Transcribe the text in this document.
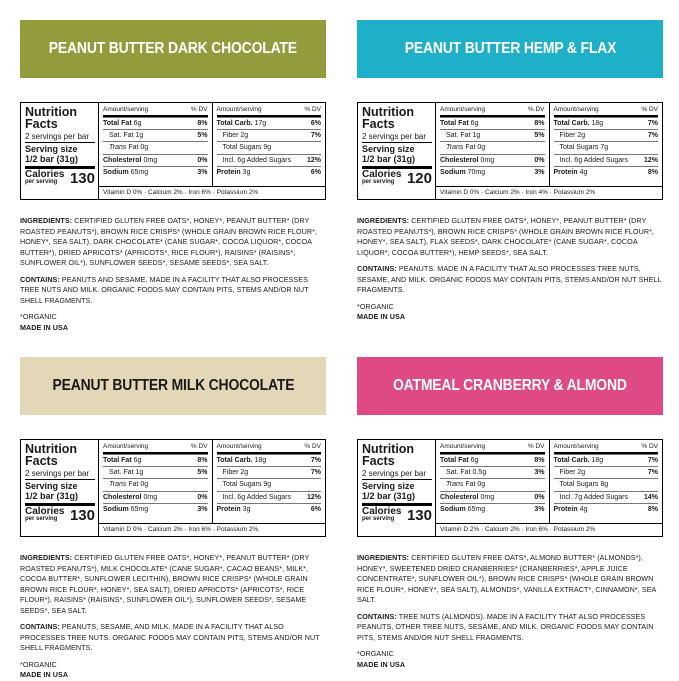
PEANUT BUTTER DARK CHOCOLATE
Nutrition
Facts
2 servings per bar
Serving size
1/2 bar (31g)
Calories
per serving 130
Amount/serving	% DV
Total Fat 6g	8%
Sat. Fat 1g	5%
Trans Fat 0g
Cholesterol 0mg	0%
Sodium 65mg	3%
Amount/serving	% DV
Total Carb. 17g	6%
Fiber 2g	7%
Total Sugars 9g
Incl. 6g Added Sugars 12%
Protein 3g	6%
Vitamin D 0% · Calcium 2% · Iron 6% · Potassium 2%

INGREDIENTS: CERTIFIED GLUTEN FREE OATS*, HONEY*, PEANUT BUTTER* (DRY ROASTED PEANUTS*), BROWN RICE CRISPS* (WHOLE GRAIN BROWN RICE FLOUR*, HONEY*, SEA SALT), DARK CHOCOLATE* (CANE SUGAR*, COCOA LIQUOR*, COCOA BUTTER*), DRIED APRICOTS* (APRICOTS*, RICE FLOUR*), RAISINS* (RAISINS*, SUNFLOWER OIL*), SUNFLOWER SEEDS*, SESAME SEEDS*, SEA SALT.

CONTAINS: PEANUTS AND SESAME. MADE IN A FACILITY THAT ALSO PROCESSES TREE NUTS AND MILK. ORGANIC FOODS MAY CONTAIN PITS, STEMS AND/OR NUT SHELL FRAGMENTS.

*ORGANIC

MADE IN USA

PEANUT BUTTER HEMP & FLAX
Nutrition
Facts
2 servings per bar
Serving size
1/2 bar (31g)
Calories
per serving 120
Amount/serving	% DV
Total Fat 6g	8%
Sat. Fat 1g	5%
Trans Fat 0g
Cholesterol 0mg	0%
Sodium 70mg	3%
Amount/serving	% DV
Total Carb. 18g	7%
Fiber 2g	7%
Total Sugars 7g
Incl. 6g Added Sugars 12%
Protein 4g	8%
Vitamin D 0% · Calcium 2% · Iron 4% · Potassium 2%

INGREDIENTS: CERTIFIED GLUTEN FREE OATS*, HONEY*, PEANUT BUTTER* (DRY ROASTED PEANUTS*), BROWN RICE CRISPS* (WHOLE GRAIN BROWN RICE FLOUR*, HONEY*, SEA SALT), FLAX SEEDS*, DARK CHOCOLATE* (CANE SUGAR*, COCOA LIQUOR*, COCOA BUTTER*), HEMP SEEDS*, SEA SALT.

CONTAINS: PEANUTS. MADE IN A FACILITY THAT ALSO PROCESSES TREE NUTS, SESAME, AND MILK. ORGANIC FOODS MAY CONTAIN PITS, STEMS AND/OR NUT SHELL FRAGMENTS.

*ORGANIC

MADE IN USA

PEANUT BUTTER MILK CHOCOLATE
Nutrition
Facts
2 servings per bar
Serving size
1/2 bar (31g)
Calories
per serving 130
Amount/serving	% DV
Total Fat 6g	8%
Sat. Fat 1g	5%
Trans Fat 0g
Cholesterol 0mg	0%
Sodium 65mg	3%
Amount/serving	% DV
Total Carb. 18g	7%
Fiber 2g	7%
Total Sugars 9g
Incl. 6g Added Sugars 12%
Protein 3g	6%
Vitamin D 0% · Calcium 2% · Iron 6% · Potassium 2%

INGREDIENTS: CERTIFIED GLUTEN FREE OATS*, HONEY*, PEANUT BUTTER* (DRY ROASTED PEANUTS*), MILK CHOCOLATE* (CANE SUGAR*, CACAO BEANS*, MILK*, COCOA BUTTER*, SUNFLOWER LECITHIN), BROWN RICE CRISPS* (WHOLE GRAIN BROWN RICE FLOUR*, HONEY*, SEA SALT), DRIED APRICOTS* (APRICOTS*, RICE FLOUR*), RAISINS* (RAISINS*, SUNFLOWER OIL*), SUNFLOWER SEEDS*, SESAME SEEDS*, SEA SALT.

CONTAINS: PEANUTS, SESAME, AND MILK. MADE IN A FACILITY THAT ALSO PROCESSES TREE NUTS. ORGANIC FOODS MAY CONTAIN PITS, STEMS AND/OR NUT SHELL FRAGMENTS.

*ORGANIC

MADE IN USA

OATMEAL CRANBERRY & ALMOND
Nutrition
Facts
2 servings per bar
Serving size
1/2 bar (31g)
Calories
per serving 130
Amount/serving	% DV
Total Fat 6g	8%
Sat. Fat 0.5g	3%
Trans Fat 0g
Cholesterol 0mg	0%
Sodium 65mg	3%
Amount/serving	% DV
Total Carb. 18g	7%
Fiber 2g	7%
Total Sugars 8g
Incl. 7g Added Sugars 14%
Protein 4g	8%
Vitamin D 2% · Calcium 2% · Iron 6% · Potassium 2%

INGREDIENTS: CERTIFIED GLUTEN FREE OATS*, ALMOND BUTTER* (ALMONDS*), HONEY*, SWEETENED DRIED CRANBERRIES* (CRANBERRIES*, APPLE JUICE CONCENTRATE*, SUNFLOWER OIL*), BROWN RICE CRISPS* (WHOLE GRAIN BROWN RICE FLOUR*, HONEY*, SEA SALT), ALMONDS*, VANILLA EXTRACT*, CINNAMON*, SEA SALT.

CONTAINS: TREE NUTS (ALMONDS). MADE IN A FACILITY THAT ALSO PROCESSES PEANUTS, OTHER TREE NUTS, SESAME, AND MILK. ORGANIC FOODS MAY CONTAIN PITS, STEMS AND/OR NUT SHELL FRAGMENTS.

*ORGANIC

MADE IN USA
